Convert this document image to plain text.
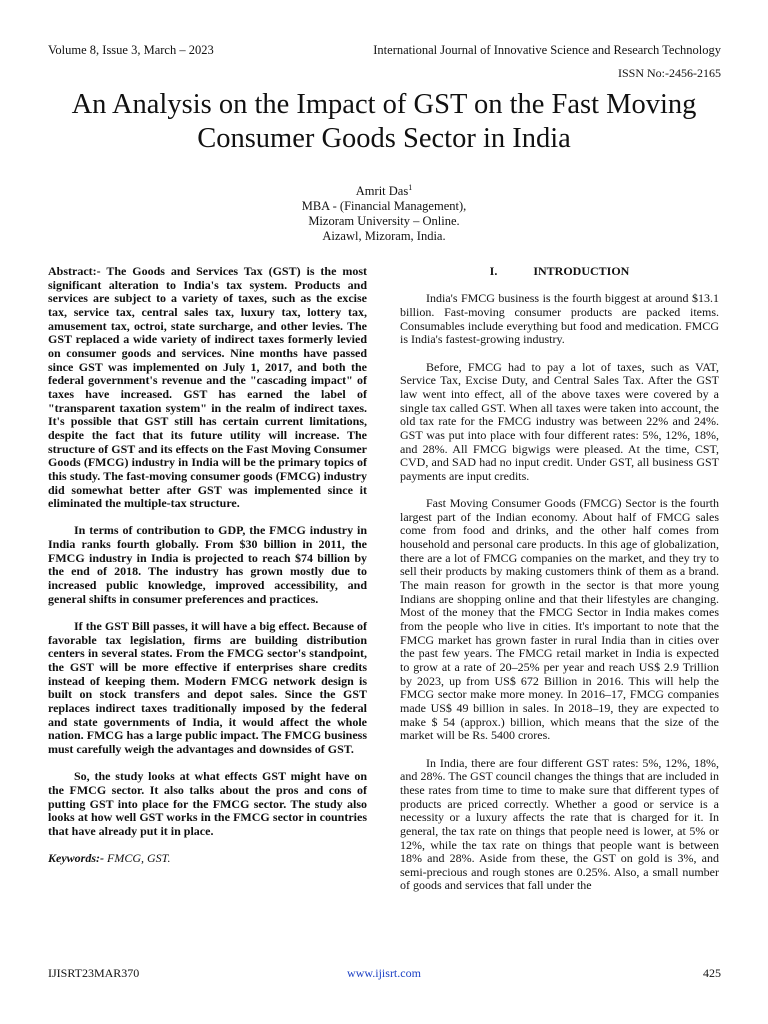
Volume 8, Issue 3, March – 2023	International Journal of Innovative Science and Research Technology
ISSN No:-2456-2165
An Analysis on the Impact of GST on the Fast Moving Consumer Goods Sector in India
Amrit Das$^1$
MBA - (Financial Management),
Mizoram University – Online.
Aizawl, Mizoram, India.

Abstract:- The Goods and Services Tax (GST) is the most significant alteration to India's tax system. Products and services are subject to a variety of taxes, such as the excise tax, service tax, central sales tax, luxury tax, lottery tax, amusement tax, octroi, state surcharge, and other levies. The GST replaced a wide variety of indirect taxes formerly levied on consumer goods and services. Nine months have passed since GST was implemented on July 1, 2017, and both the federal government's revenue and the "cascading impact" of taxes have increased. GST has earned the label of "transparent taxation system" in the realm of indirect taxes. It's possible that GST still has certain current limitations, despite the fact that its future utility will increase. The structure of GST and its effects on the Fast Moving Consumer Goods (FMCG) industry in India will be the primary topics of this study. The fast-moving consumer goods (FMCG) industry did somewhat better after GST was implemented since it eliminated the multiple-tax structure.

In terms of contribution to GDP, the FMCG industry in India ranks fourth globally. From $30 billion in 2011, the FMCG industry in India is projected to reach $74 billion by the end of 2018. The industry has grown mostly due to increased public knowledge, improved accessibility, and general shifts in consumer preferences and practices.

If the GST Bill passes, it will have a big effect. Because of favorable tax legislation, firms are building distribution centers in several states. From the FMCG sector's standpoint, the GST will be more effective if enterprises share credits instead of keeping them. Modern FMCG network design is built on stock transfers and depot sales. Since the GST replaces indirect taxes traditionally imposed by the federal and state governments of India, it would affect the whole nation. FMCG has a large public impact. The FMCG business must carefully weigh the advantages and downsides of GST.

So, the study looks at what effects GST might have on the FMCG sector. It also talks about the pros and cons of putting GST into place for the FMCG sector. The study also looks at how well GST works in the FMCG sector in countries that have already put it in place.

Keywords:- FMCG, GST.

I.	INTRODUCTION

India's FMCG business is the fourth biggest at around $13.1 billion. Fast-moving consumer products are packed items. Consumables include everything but food and medication. FMCG is India's fastest-growing industry.

Before, FMCG had to pay a lot of taxes, such as VAT, Service Tax, Excise Duty, and Central Sales Tax. After the GST law went into effect, all of the above taxes were covered by a single tax called GST. When all taxes were taken into account, the old tax rate for the FMCG industry was between 22% and 24%. GST was put into place with four different rates: 5%, 12%, 18%, and 28%. All FMCG bigwigs were pleased. At the time, CST, CVD, and SAD had no input credit. Under GST, all business GST payments are input credits.

Fast Moving Consumer Goods (FMCG) Sector is the fourth largest part of the Indian economy. About half of FMCG sales come from food and drinks, and the other half comes from household and personal care products. In this age of globalization, there are a lot of FMCG companies on the market, and they try to sell their products by making customers think of them as a brand. The main reason for growth in the sector is that more young Indians are shopping online and that their lifestyles are changing. Most of the money that the FMCG Sector in India makes comes from the people who live in cities. It's important to note that the FMCG market has grown faster in rural India than in cities over the past few years. The FMCG retail market in India is expected to grow at a rate of 20–25% per year and reach US$ 2.9 Trillion by 2023, up from US$ 672 Billion in 2016. This will help the FMCG sector make more money. In 2016–17, FMCG companies made US$ 49 billion in sales. In 2018–19, they are expected to make $ 54 (approx.) billion, which means that the size of the market will be Rs. 5400 crores.

In India, there are four different GST rates: 5%, 12%, 18%, and 28%. The GST council changes the things that are included in these rates from time to time to make sure that different types of products are priced correctly. Whether a good or service is a necessity or a luxury affects the rate that is charged for it. In general, the tax rate on things that people need is lower, at 5% or 12%, while the tax rate on things that people want is between 18% and 28%. Aside from these, the GST on gold is 3%, and semi-precious and rough stones are 0.25%. Also, a small number of goods and services that fall under the

IJISRT23MAR370	www.ijisrt.com	425
